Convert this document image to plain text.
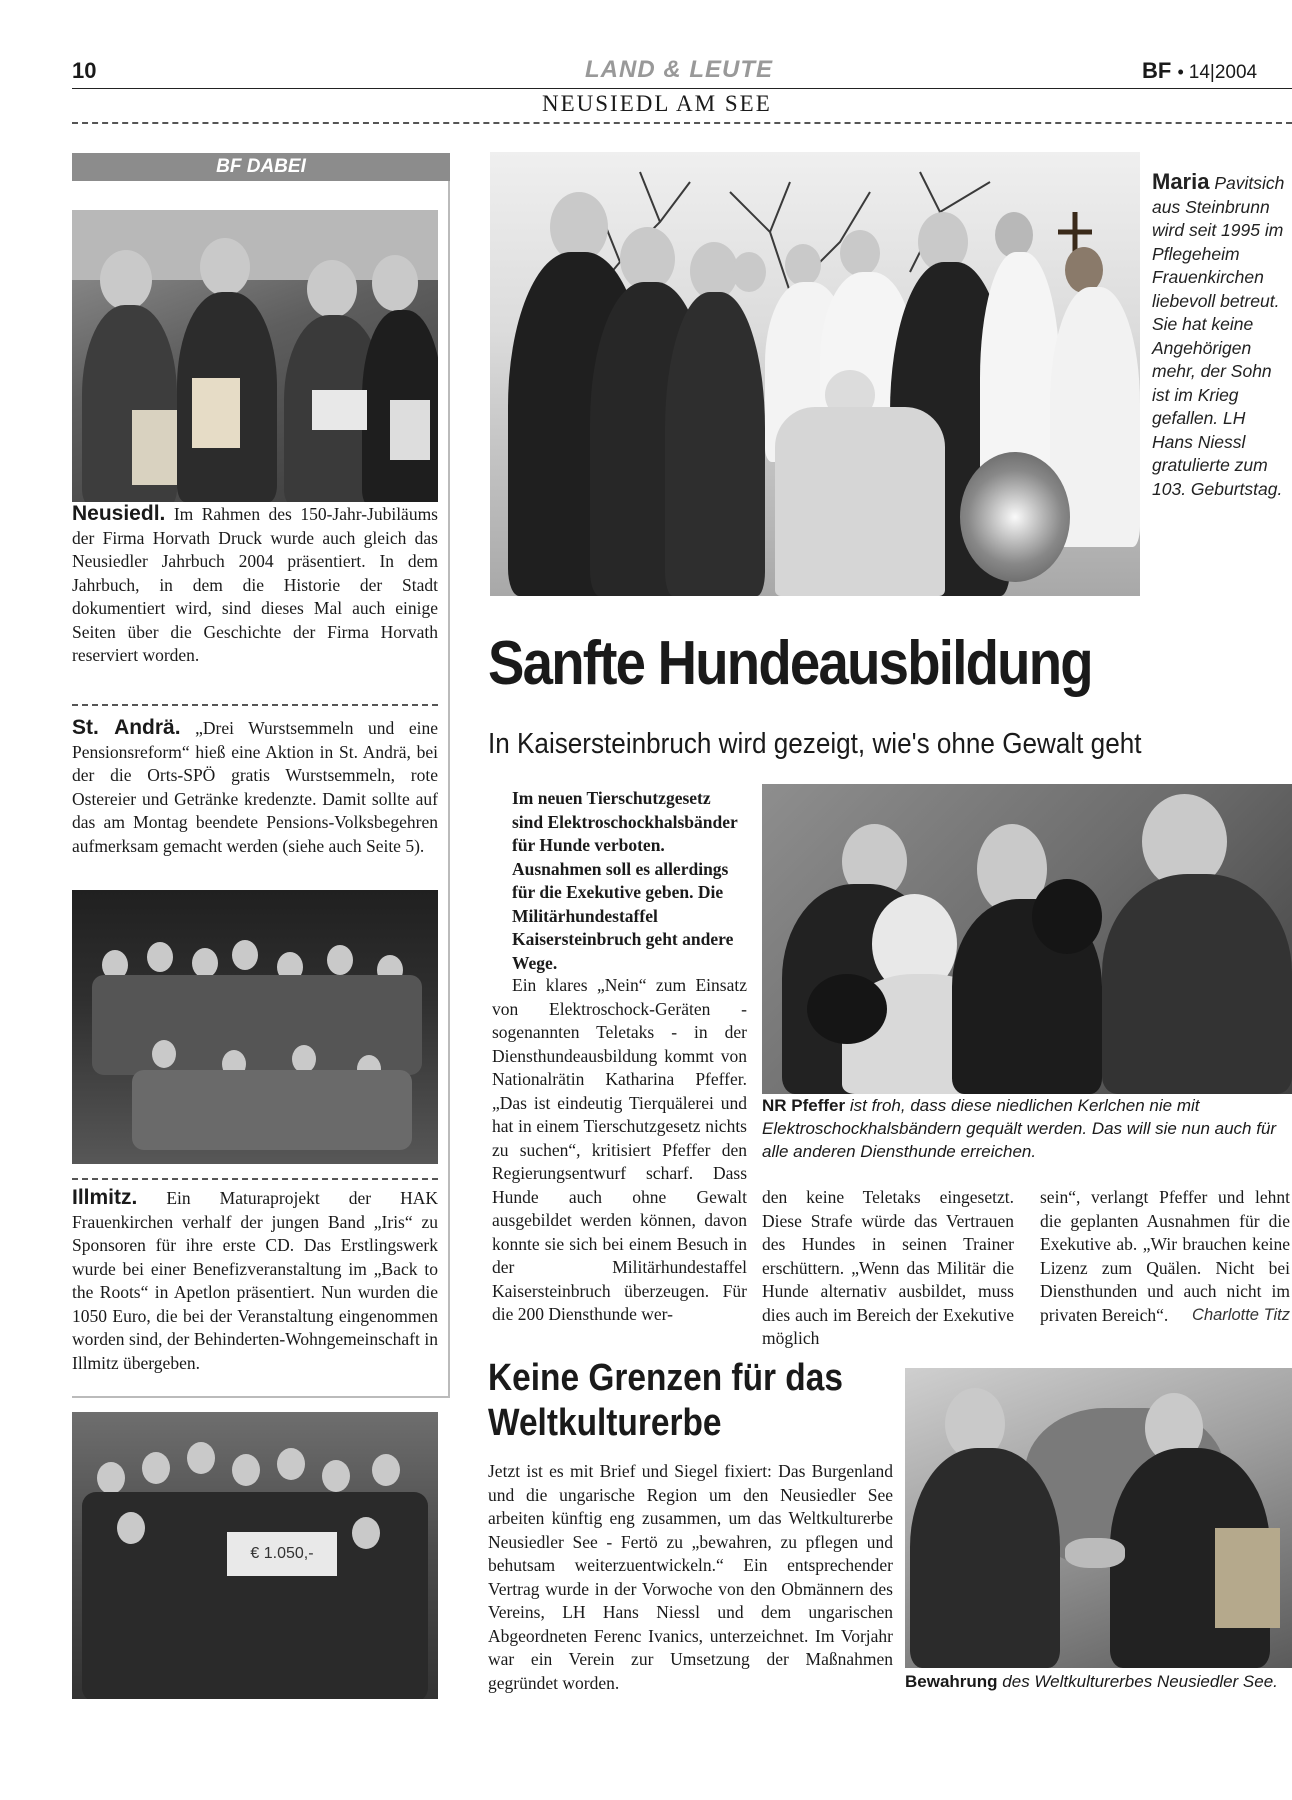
10	LAND & LEUTE	BF • 14|2004
NEUSIEDL AM SEE
BF DABEI
Neusiedl. Im Rahmen des 150-Jahr-Jubiläums der Firma Horvath Druck wurde auch gleich das Neusiedler Jahrbuch 2004 präsentiert. In dem Jahrbuch, in dem die Historie der Stadt dokumentiert wird, sind dieses Mal auch einige Seiten über die Geschichte der Firma Horvath reserviert worden.
St. Andrä. „Drei Wurstsemmeln und eine Pensionsreform“ hieß eine Aktion in St. Andrä, bei der die Orts-SPÖ gratis Wurstsemmeln, rote Ostereier und Getränke kredenzte. Damit sollte auf das am Montag beendete Pensions-Volksbegehren aufmerksam gemacht werden (siehe auch Seite 5).
Illmitz. Ein Maturaprojekt der HAK Frauenkirchen verhalf der jungen Band „Iris“ zu Sponsoren für ihre erste CD. Das Erstlingswerk wurde bei einer Benefizveranstaltung im „Back to the Roots“ in Apetlon präsentiert. Nun wurden die 1050 Euro, die bei der Veranstaltung eingenommen worden sind, der Behinderten-Wohngemeinschaft in Illmitz übergeben.
€ 1.050,-
Maria Pavitsich aus Steinbrunn wird seit 1995 im Pflegeheim Frauenkirchen liebevoll betreut. Sie hat keine Angehörigen mehr, der Sohn ist im Krieg gefallen. LH Hans Niessl gratulierte zum 103. Geburtstag.
Sanfte Hundeausbildung
In Kaisersteinbruch wird gezeigt, wie's ohne Gewalt geht
Im neuen Tierschutzgesetz sind Elektroschockhalsbänder für Hunde verboten. Ausnahmen soll es allerdings für die Exekutive geben. Die Militärhundestaffel Kaisersteinbruch geht andere Wege.
Ein klares „Nein“ zum Einsatz von Elektroschock-Geräten - sogenannten Teletaks - in der Diensthundeausbildung kommt von Nationalrätin Katharina Pfeffer. „Das ist eindeutig Tierquälerei und hat in einem Tierschutzgesetz nichts zu suchen“, kritisiert Pfeffer den Regierungsentwurf scharf. Dass Hunde auch ohne Gewalt ausgebildet werden können, davon konnte sie sich bei einem Besuch in der Militärhundestaffel Kaisersteinbruch überzeugen. Für die 200 Diensthunde wer-
NR Pfeffer ist froh, dass diese niedlichen Kerlchen nie mit Elektroschockhalsbändern gequält werden. Das will sie nun auch für alle anderen Diensthunde erreichen.
den keine Teletaks eingesetzt. Diese Strafe würde das Vertrauen des Hundes in seinen Trainer erschüttern. „Wenn das Militär die Hunde alternativ ausbildet, muss dies auch im Bereich der Exekutive möglich
sein“, verlangt Pfeffer und lehnt die geplanten Ausnahmen für die Exekutive ab. „Wir brauchen keine Lizenz zum Quälen. Nicht bei Diensthunden und auch nicht im privaten Bereich“. Charlotte Titz
Keine Grenzen für das
Weltkulturerbe
Jetzt ist es mit Brief und Siegel fixiert: Das Burgenland und die ungarische Region um den Neusiedler See arbeiten künftig eng zusammen, um das Weltkulturerbe Neusiedler See - Fertö zu „bewahren, zu pflegen und behutsam weiterzuentwickeln.“ Ein entsprechender Vertrag wurde in der Vorwoche von den Obmännern des Vereins, LH Hans Niessl und dem ungarischen Abgeordneten Ferenc Ivanics, unterzeichnet. Im Vorjahr war ein Verein zur Umsetzung der Maßnahmen gegründet worden.	Bewahrung des Weltkulturerbes Neusiedler See.
